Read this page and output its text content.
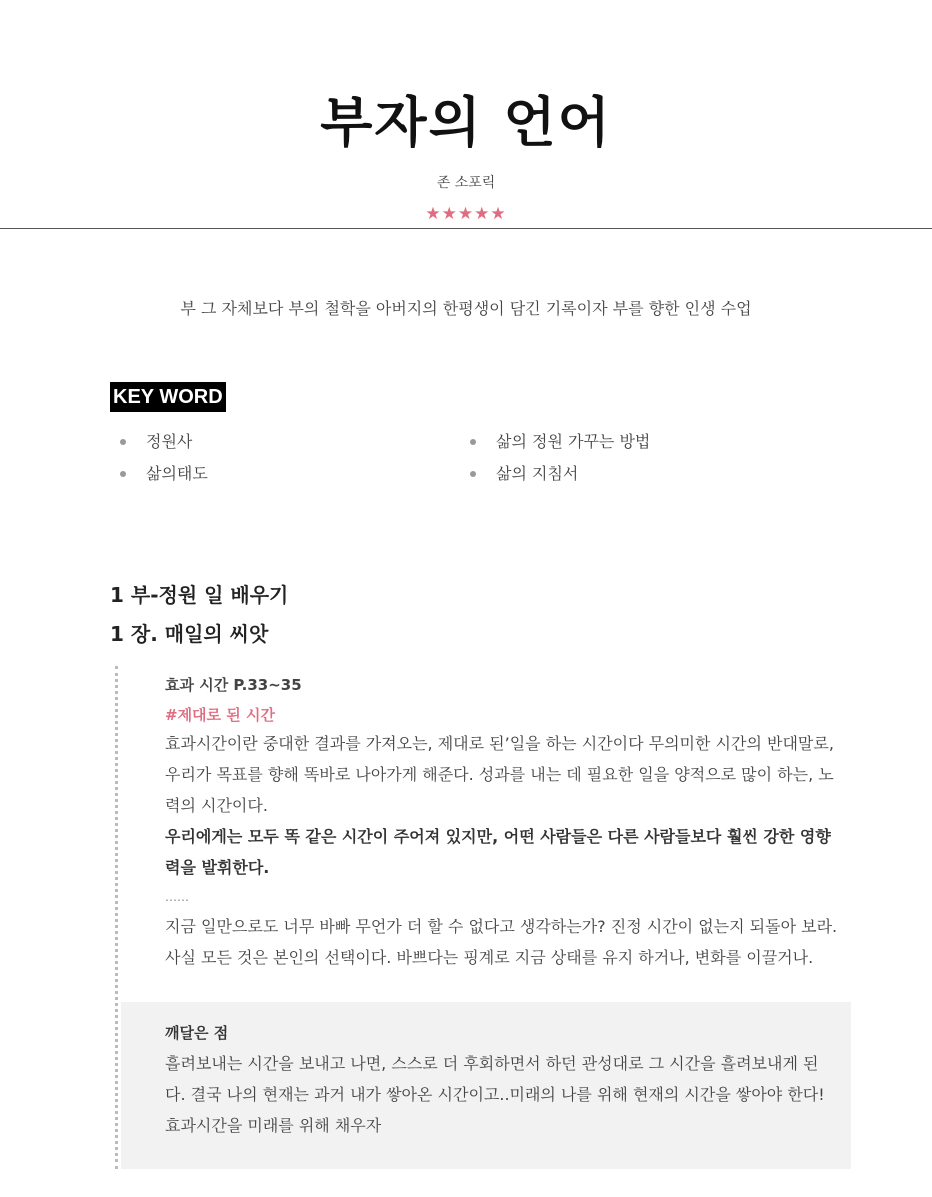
부자의 언어
존 소포릭
★★★★★
부 그 자체보다 부의 철학을 아버지의 한평생이 담긴 기록이자 부를 향한 인생 수업
KEY WORD
정원사	삶의 정원 가꾸는 방법
삶의태도	삶의 지침서
1 부-정원 일 배우기
1 장. 매일의 씨앗
효과 시간 P.33~35
#제대로 된 시간

효과시간이란 중대한 결과를 가져오는, 제대로 된’일을 하는 시간이다 무의미한 시간의 반대말로, 우리가 목표를 향해 똑바로 나아가게 해준다. 성과를 내는 데 필요한 일을 양적으로 많이 하는, 노력의 시간이다.

우리에게는 모두 똑 같은 시간이 주어져 있지만, 어떤 사람들은 다른 사람들보다 훨씬 강한 영향력을 발휘한다.

……

지금 일만으로도 너무 바빠 무언가 더 할 수 없다고 생각하는가? 진정 시간이 없는지 되돌아 보라. 사실 모든 것은 본인의 선택이다. 바쁘다는 핑계로 지금 상태를 유지 하거나, 변화를 이끌거나.

깨달은 점

흘려보내는 시간을 보내고 나면, 스스로 더 후회하면서 하던 관성대로 그 시간을 흘려보내게 된다. 결국 나의 현재는 과거 내가 쌓아온 시간이고..미래의 나를 위해 현재의 시간을 쌓아야 한다! 효과시간을 미래를 위해 채우자
